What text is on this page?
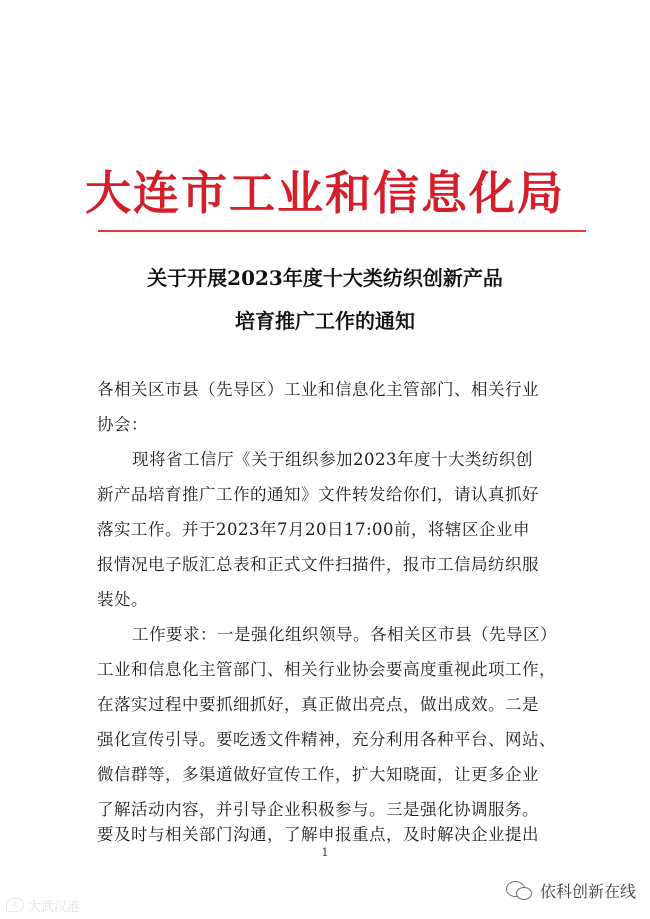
大连市工业和信息化局
关于开展2023年度十大类纺织创新产品
培育推广工作的通知
各相关区市县（先导区）工业和信息化主管部门、相关行业
协会：
现将省工信厅《关于组织参加2023年度十大类纺织创
新产品培育推广工作的通知》文件转发给你们，请认真抓好
落实工作。并于2023年7月20日17:00前，将辖区企业申
报情况电子版汇总表和正式文件扫描件，报市工信局纺织服
装处。
工作要求：一是强化组织领导。各相关区市县（先导区）
工业和信息化主管部门、相关行业协会要高度重视此项工作，
在落实过程中要抓细抓好，真正做出亮点，做出成效。二是
强化宣传引导。要吃透文件精神，充分利用各种平台、网站、
微信群等，多渠道做好宣传工作，扩大知晓面，让更多企业
了解活动内容，并引导企业积极参与。三是强化协调服务。
要及时与相关部门沟通，了解申报重点，及时解决企业提出
1
大 大武汉港
依科创新在线
